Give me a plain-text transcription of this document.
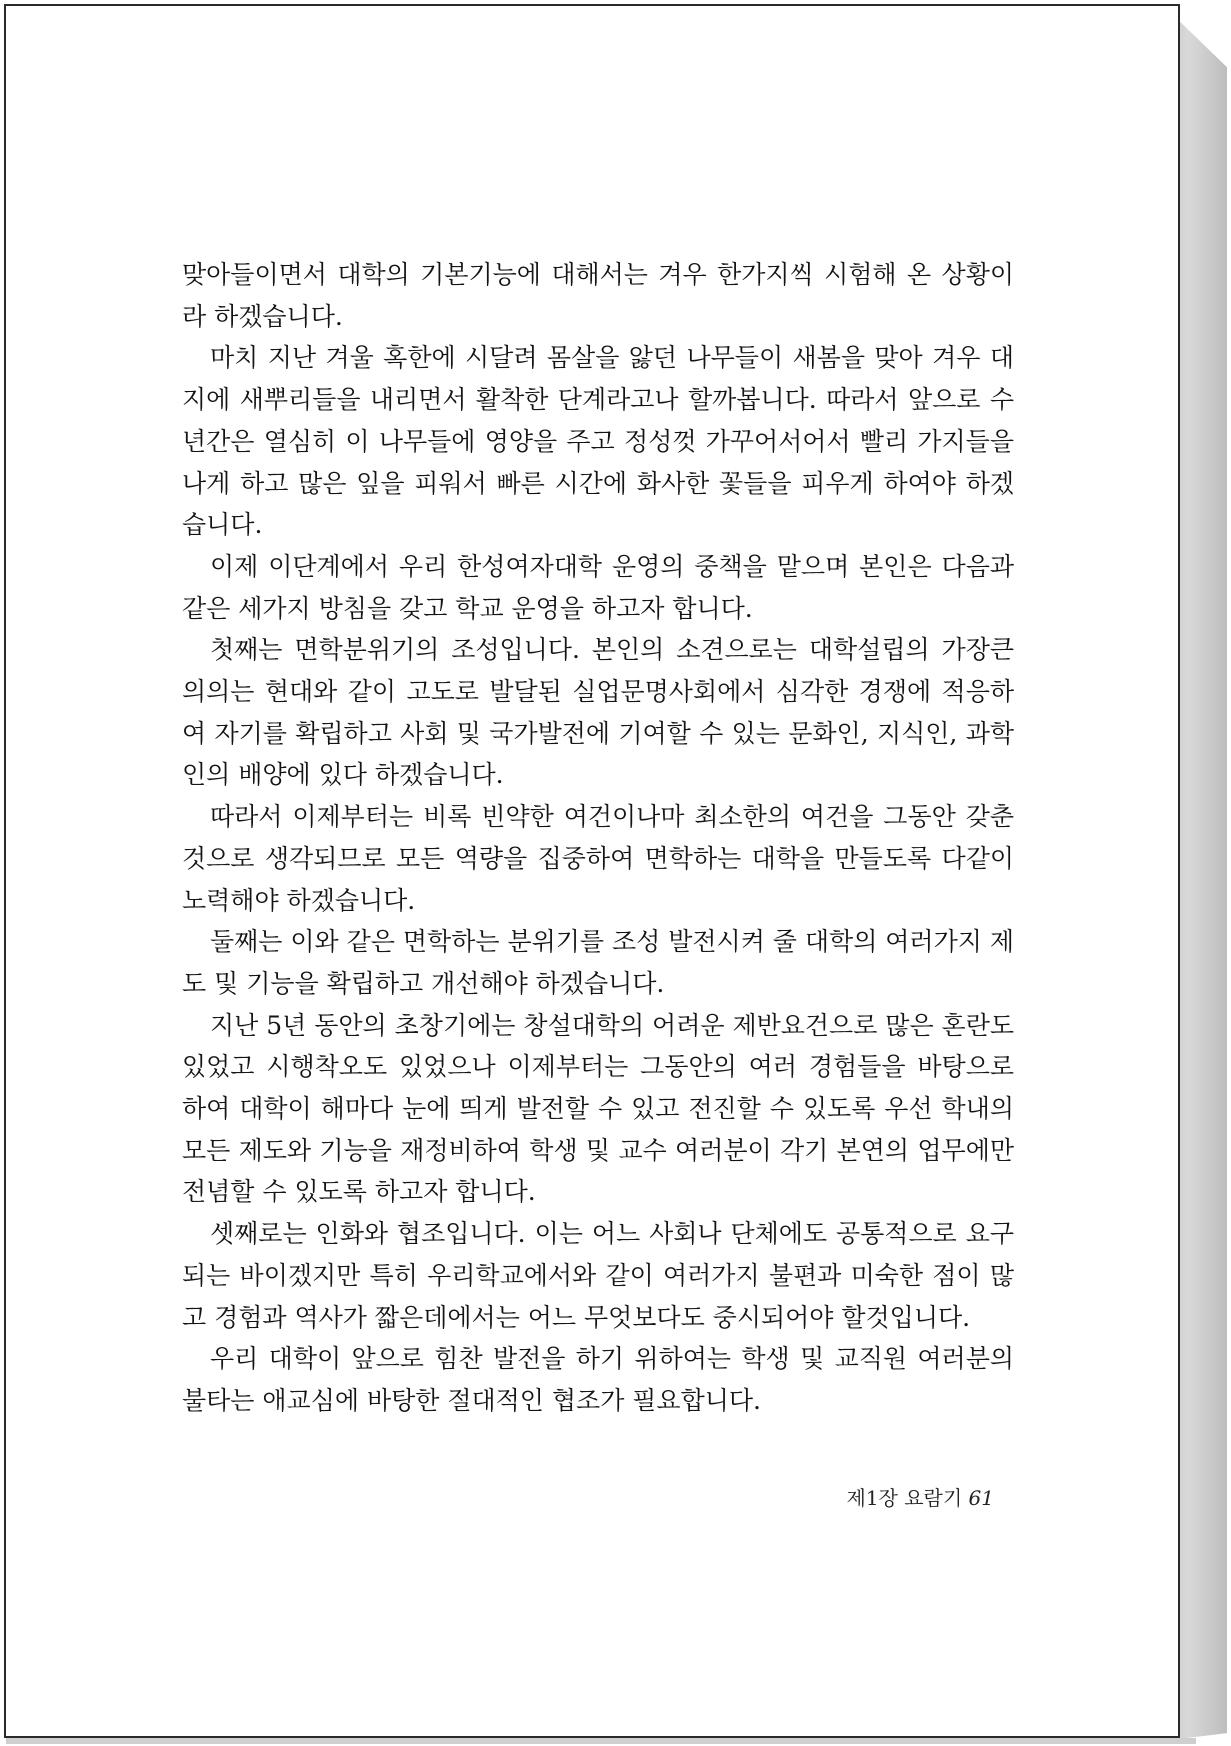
맞아들이면서 대학의 기본기능에 대해서는 겨우 한가지씩 시험해 온 상황이라 하겠습니다.

마치 지난 겨울 혹한에 시달려 몸살을 앓던 나무들이 새봄을 맞아 겨우 대지에 새뿌리들을 내리면서 활착한 단계라고나 할까봅니다. 따라서 앞으로 수년간은 열심히 이 나무들에 영양을 주고 정성껏 가꾸어서어서 빨리 가지들을 나게 하고 많은 잎을 피워서 빠른 시간에 화사한 꽃들을 피우게 하여야 하겠습니다.

이제 이단계에서 우리 한성여자대학 운영의 중책을 맡으며 본인은 다음과 같은 세가지 방침을 갖고 학교 운영을 하고자 합니다.

첫째는 면학분위기의 조성입니다. 본인의 소견으로는 대학설립의 가장큰 의의는 현대와 같이 고도로 발달된 실업문명사회에서 심각한 경쟁에 적응하여 자기를 확립하고 사회 및 국가발전에 기여할 수 있는 문화인, 지식인, 과학인의 배양에 있다 하겠습니다.

따라서 이제부터는 비록 빈약한 여건이나마 최소한의 여건을 그동안 갖춘것으로 생각되므로 모든 역량을 집중하여 면학하는 대학을 만들도록 다같이 노력해야 하겠습니다.

둘째는 이와 같은 면학하는 분위기를 조성 발전시켜 줄 대학의 여러가지 제도 및 기능을 확립하고 개선해야 하겠습니다.

지난 5년 동안의 초창기에는 창설대학의 어려운 제반요건으로 많은 혼란도 있었고 시행착오도 있었으나 이제부터는 그동안의 여러 경험들을 바탕으로 하여 대학이 해마다 눈에 띄게 발전할 수 있고 전진할 수 있도록 우선 학내의 모든 제도와 기능을 재정비하여 학생 및 교수 여러분이 각기 본연의 업무에만 전념할 수 있도록 하고자 합니다.

셋째로는 인화와 협조입니다. 이는 어느 사회나 단체에도 공통적으로 요구되는 바이겠지만 특히 우리학교에서와 같이 여러가지 불편과 미숙한 점이 많고 경험과 역사가 짧은데에서는 어느 무엇보다도 중시되어야 할것입니다.

우리 대학이 앞으로 힘찬 발전을 하기 위하여는 학생 및 교직원 여러분의 불타는 애교심에 바탕한 절대적인 협조가 필요합니다.

제1장 요람기 61
